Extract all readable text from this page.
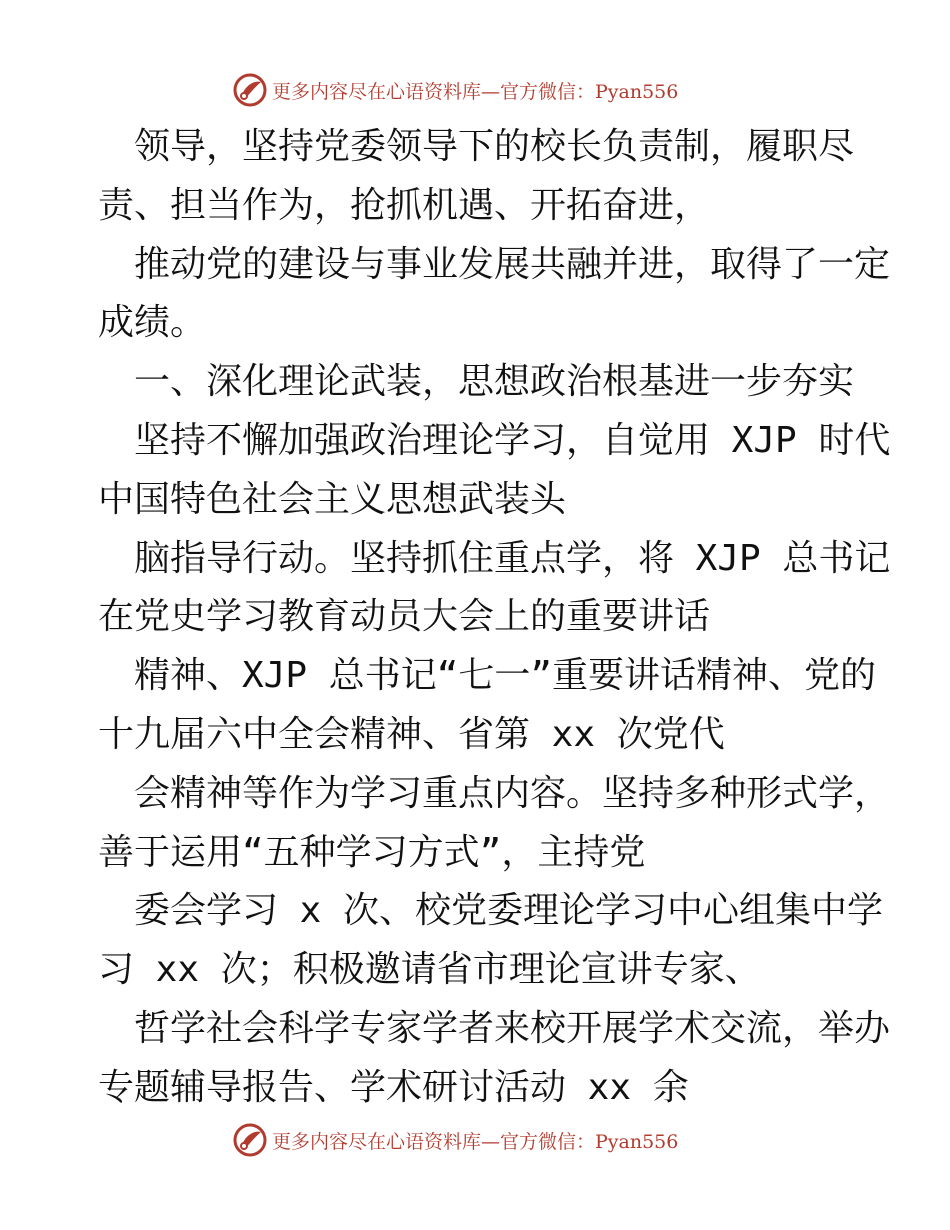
更多内容尽在心语资料库—官方微信：Pyan556
　领导，坚持党委领导下的校长负责制，履职尽
责、担当作为，抢抓机遇、开拓奋进，
　推动党的建设与事业发展共融并进，取得了一定
成绩。
　一、深化理论武装，思想政治根基进一步夯实
　坚持不懈加强政治理论学习，自觉用 XJP 时代
中国特色社会主义思想武装头
　脑指导行动。坚持抓住重点学，将 XJP 总书记
在党史学习教育动员大会上的重要讲话
　精神、XJP 总书记“七一”重要讲话精神、党的
十九届六中全会精神、省第 xx 次党代
　会精神等作为学习重点内容。坚持多种形式学，
善于运用“五种学习方式”，主持党
　委会学习 x 次、校党委理论学习中心组集中学
习 xx 次；积极邀请省市理论宣讲专家、
　哲学社会科学专家学者来校开展学术交流，举办
专题辅导报告、学术研讨活动 xx 余
更多内容尽在心语资料库—官方微信：Pyan556
